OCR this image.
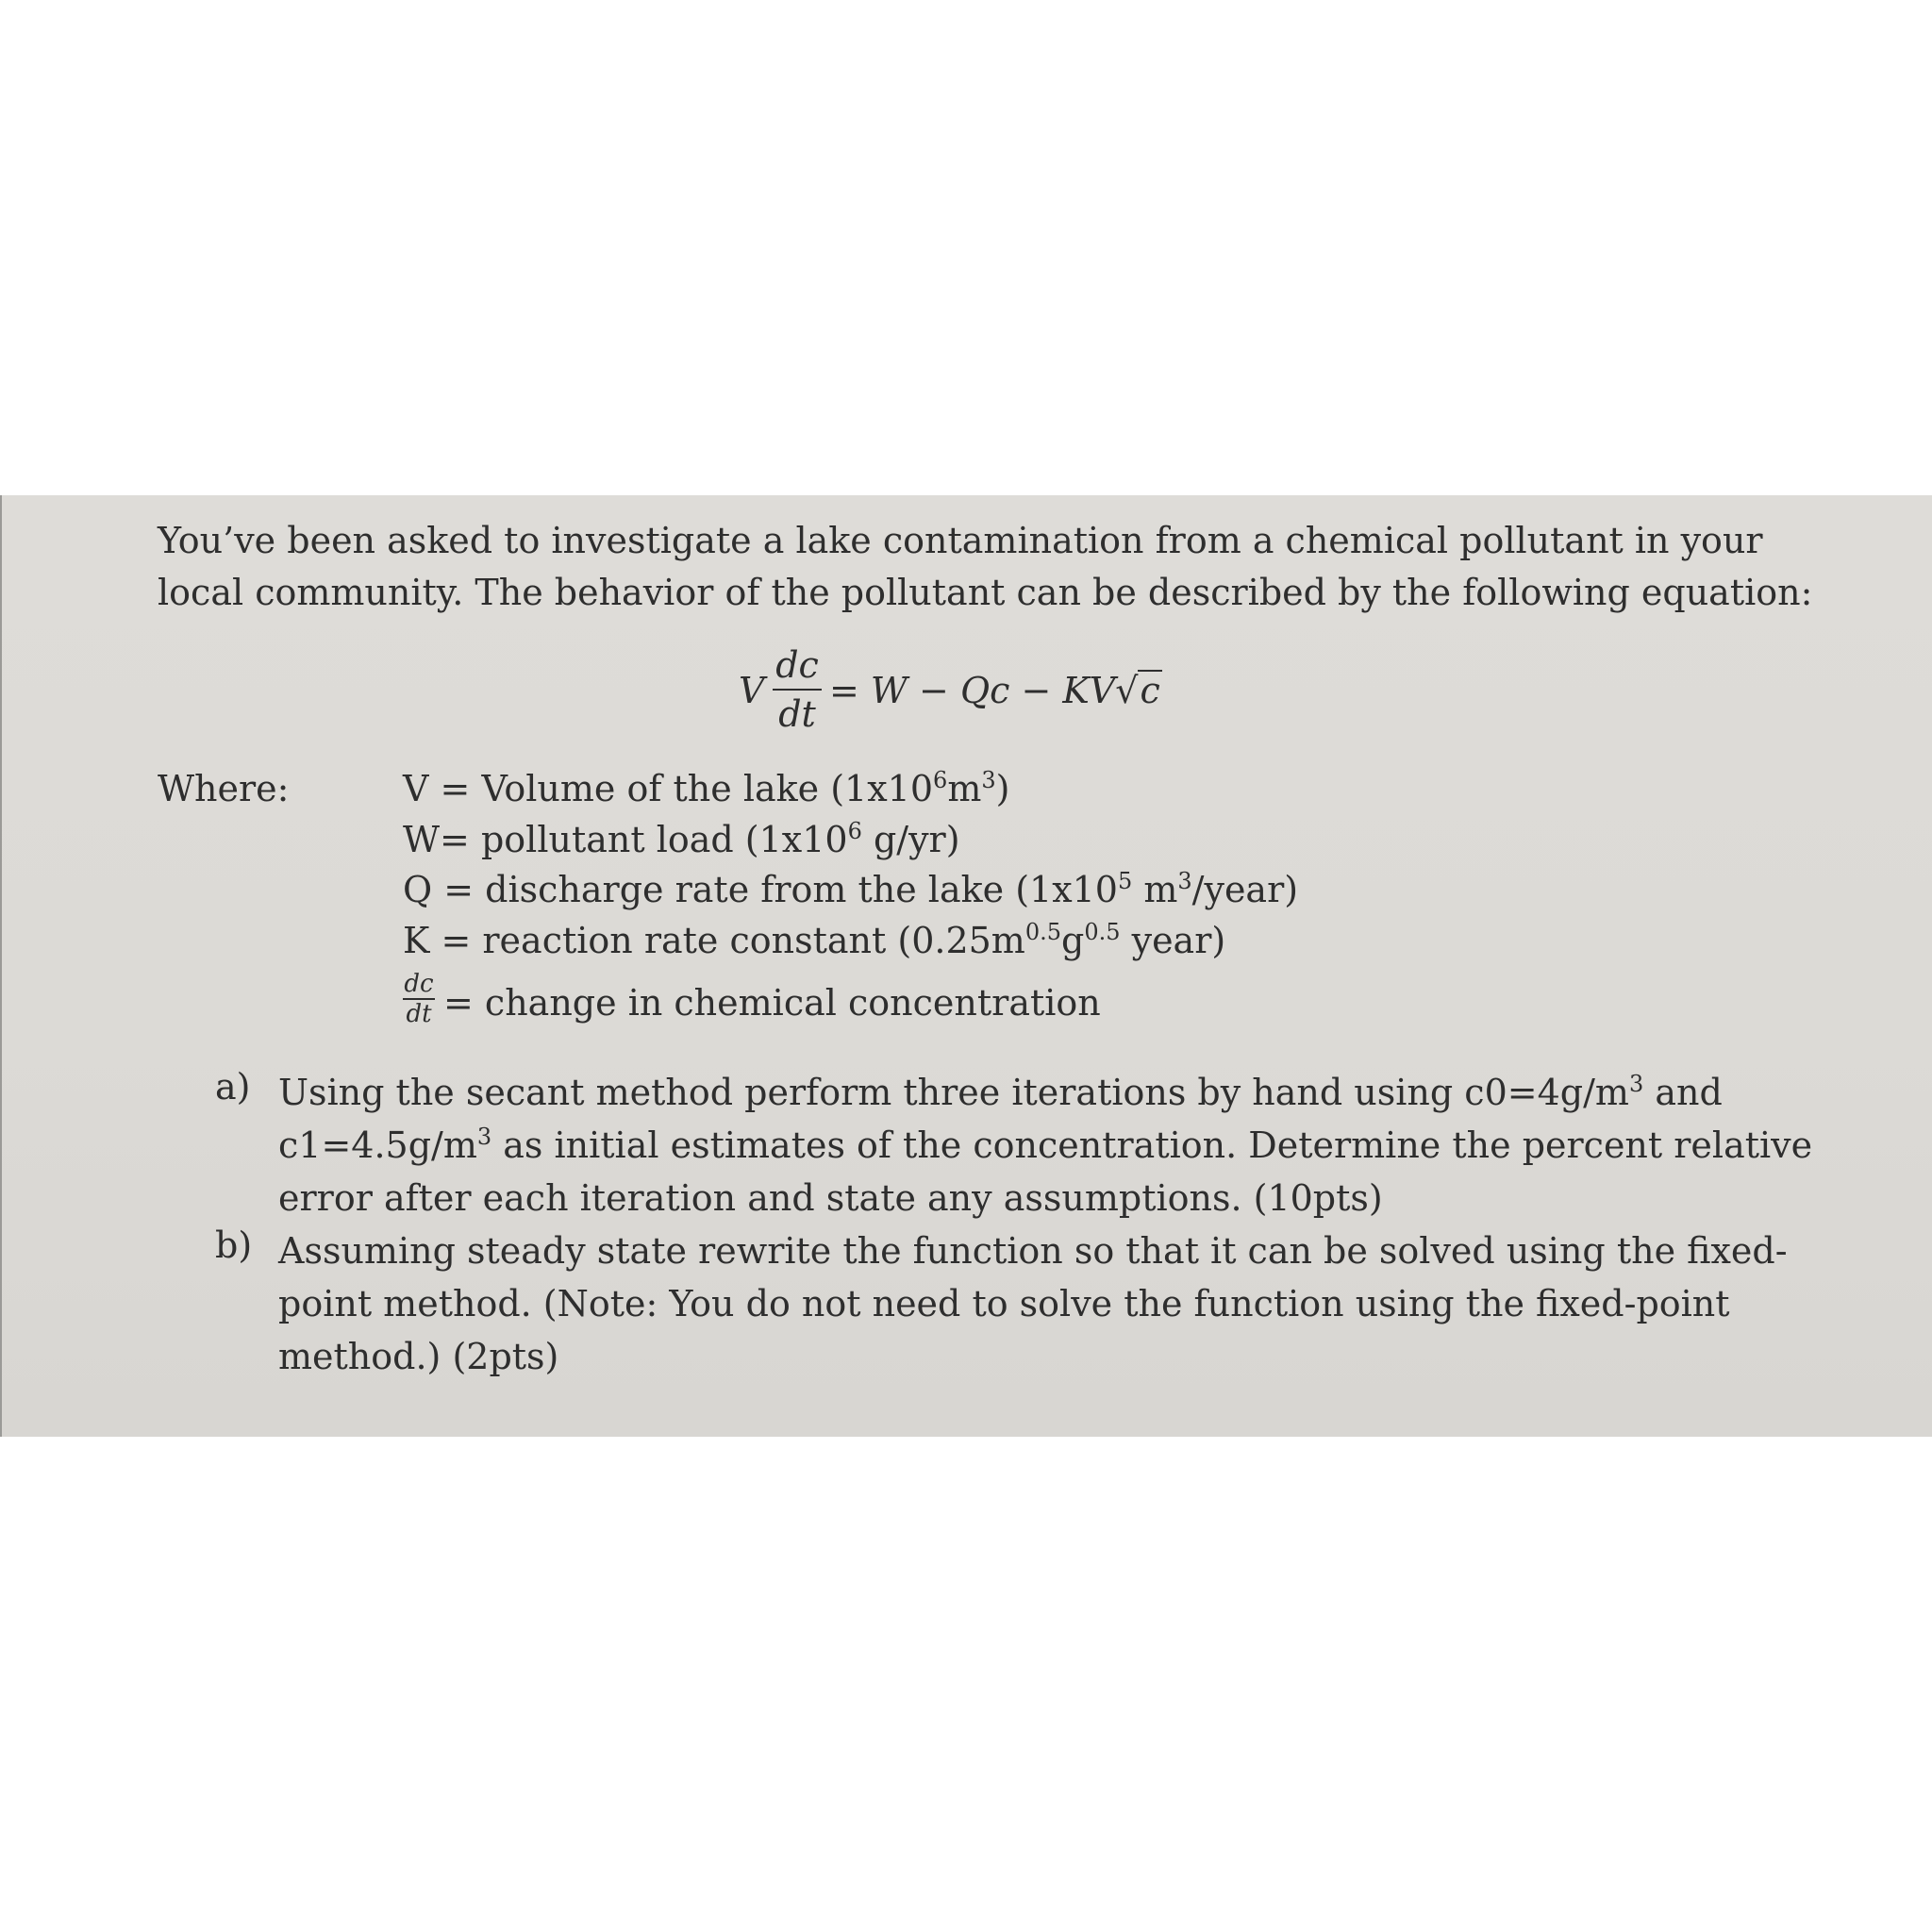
You’ve been asked to investigate a lake contamination from a chemical pollutant in your
local community. The behavior of the pollutant can be described by the following equation:
V
dc
dt
= W − Qc − KV√c
Where:	V = Volume of the lake $(1x10^6m^3)$
W= pollutant load ($1x10^6$ g/yr)
Q = discharge rate from the lake ($1x10^5$ $m^3/year$)
K = reaction rate constant ($0.25m^{0.5}g^{0.5}$ year)
dc
dt = change in chemical concentration
a) Using the secant method perform three iterations by hand using $c0=4g/m^3$ and
$c1=4.5g/m^3$ as initial estimates of the concentration. Determine the percent relative
error after each iteration and state any assumptions. (10pts)
b) Assuming steady state rewrite the function so that it can be solved using the fixed-
point method. (Note: You do not need to solve the function using the fixed-point
method.) (2pts)
